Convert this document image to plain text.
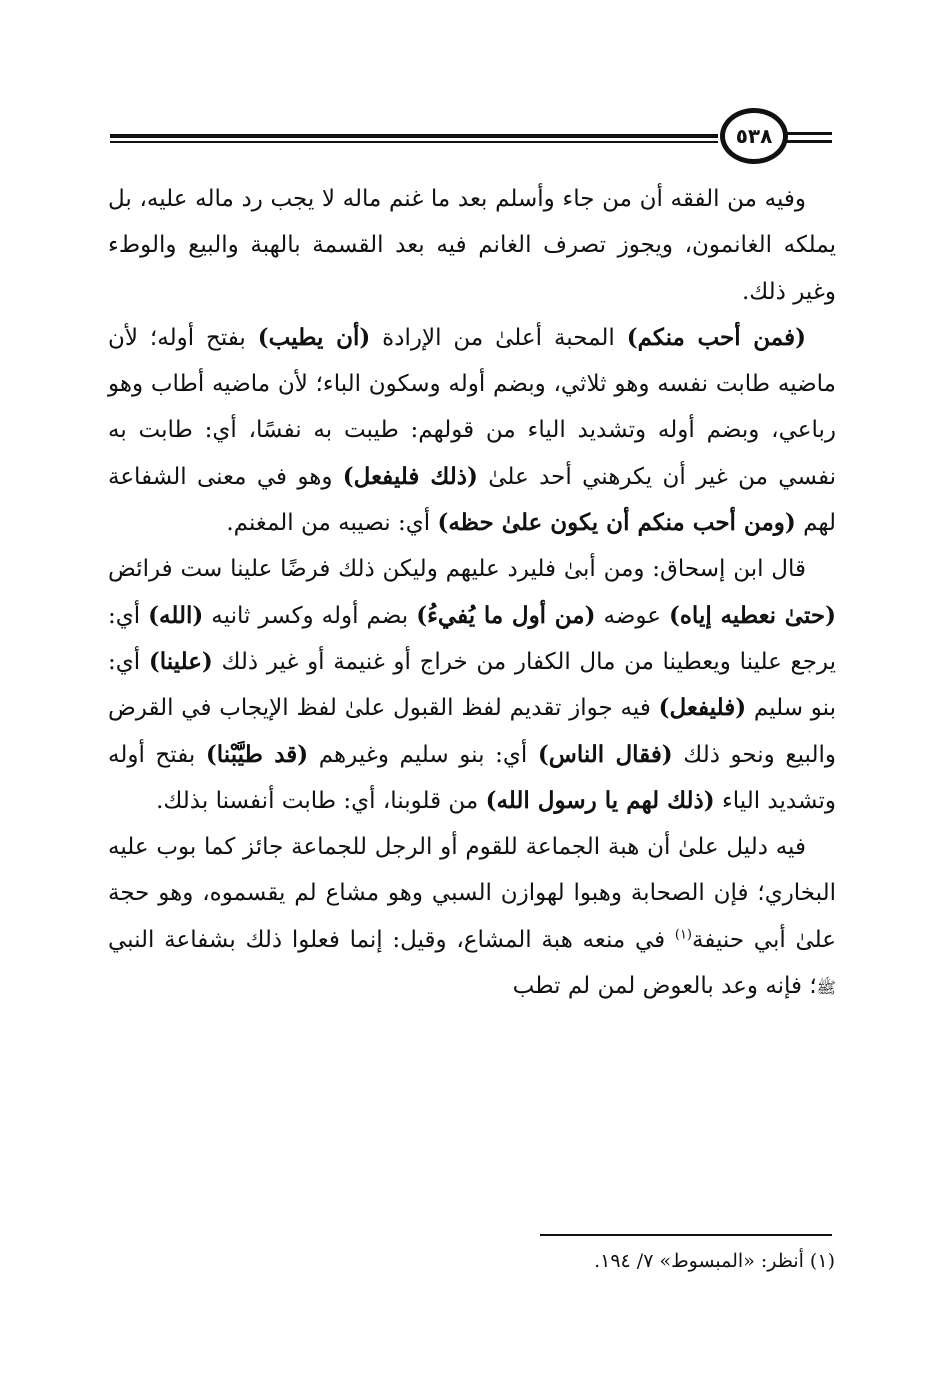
٥٣٨

وفيه من الفقه أن من جاء وأسلم بعد ما غنم ماله لا يجب رد ماله عليه، بل يملكه الغانمون، ويجوز تصرف الغانم فيه بعد القسمة بالهبة والبيع والوطء وغير ذلك.

(فمن أحب منكم) المحبة أعلىٰ من الإرادة (أن يطيب) بفتح أوله؛ لأن ماضيه طابت نفسه وهو ثلاثي، وبضم أوله وسكون الباء؛ لأن ماضيه أطاب وهو رباعي، وبضم أوله وتشديد الياء من قولهم: طيبت به نفسًا، أي: طابت به نفسي من غير أن يكرهني أحد علىٰ (ذلك فليفعل) وهو في معنى الشفاعة لهم (ومن أحب منكم أن يكون علىٰ حظه) أي: نصيبه من المغنم.

قال ابن إسحاق: ومن أبىٰ فليرد عليهم وليكن ذلك فرضًا علينا ست فرائض (حتىٰ نعطيه إياه) عوضه (من أول ما يُفيءُ) بضم أوله وكسر ثانيه (الله) أي: يرجع علينا ويعطينا من مال الكفار من خراج أو غنيمة أو غير ذلك (علينا) أي: بنو سليم (فليفعل) فيه جواز تقديم لفظ القبول علىٰ لفظ الإيجاب في القرض والبيع ونحو ذلك (فقال الناس) أي: بنو سليم وغيرهم (قد طيَّبْنا) بفتح أوله وتشديد الياء (ذلك لهم يا رسول الله) من قلوبنا، أي: طابت أنفسنا بذلك.

فيه دليل علىٰ أن هبة الجماعة للقوم أو الرجل للجماعة جائز كما بوب عليه البخاري؛ فإن الصحابة وهبوا لهوازن السبي وهو مشاع لم يقسموه، وهو حجة علىٰ أبي حنيفة$^{(١)}$ في منعه هبة المشاع، وقيل: إنما فعلوا ذلك بشفاعة النبي ﷺ؛ فإنه وعد بالعوض لمن لم تطب

(١) أنظر: «المبسوط» ٧/ ١٩٤.
